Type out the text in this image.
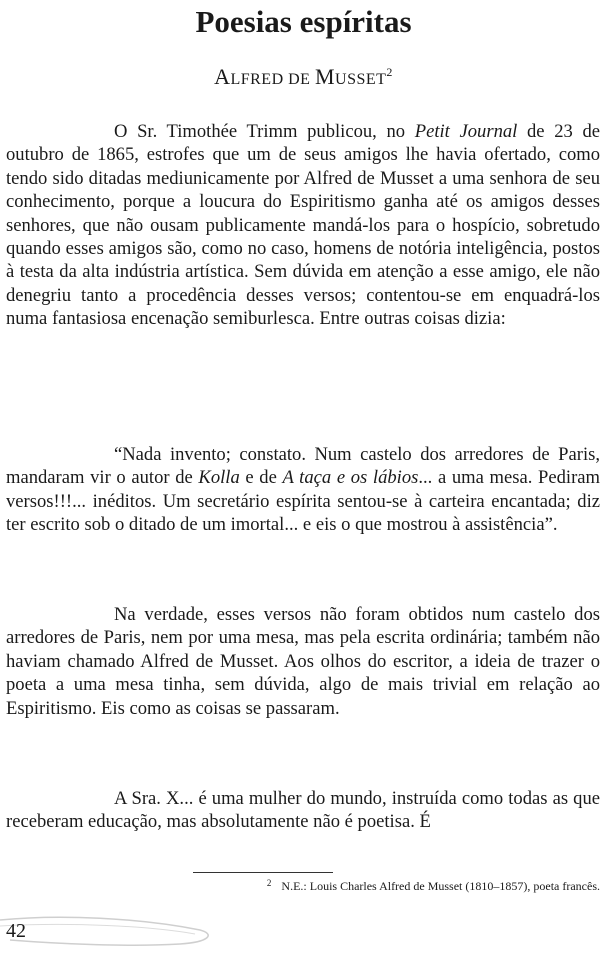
Poesias espíritas
ALFRED DE MUSSET$^2$

O Sr. Timothée Trimm publicou, no Petit Journal de 23 de outubro de 1865, estrofes que um de seus amigos lhe havia ofertado, como tendo sido ditadas mediunicamente por Alfred de Musset a uma senhora de seu conhecimento, porque a loucura do Espiritismo ganha até os amigos desses senhores, que não ousam publicamente mandá-los para o hospício, sobretudo quando esses amigos são, como no caso, homens de notória inteligência, postos à testa da alta indústria artística. Sem dúvida em atenção a esse amigo, ele não denegriu tanto a procedência desses versos; contentou-se em enquadrá-los numa fantasiosa encenação semiburlesca. Entre outras coisas dizia:

“Nada invento; constato. Num castelo dos arredores de Paris, mandaram vir o autor de Kolla e de A taça e os lábios... a uma mesa. Pediram versos!!!... inéditos. Um secretário espírita sentou-se à carteira encantada; diz ter escrito sob o ditado de um imortal... e eis o que mostrou à assistência”.

Na verdade, esses versos não foram obtidos num castelo dos arredores de Paris, nem por uma mesa, mas pela escrita ordinária; também não haviam chamado Alfred de Musset. Aos olhos do escritor, a ideia de trazer o poeta a uma mesa tinha, sem dúvida, algo de mais trivial em relação ao Espiritismo. Eis como as coisas se passaram.

A Sra. X... é uma mulher do mundo, instruída como todas as que receberam educação, mas absolutamente não é poetisa. É

$^2$ N.E.: Louis Charles Alfred de Musset (1810–1857), poeta francês.
42
